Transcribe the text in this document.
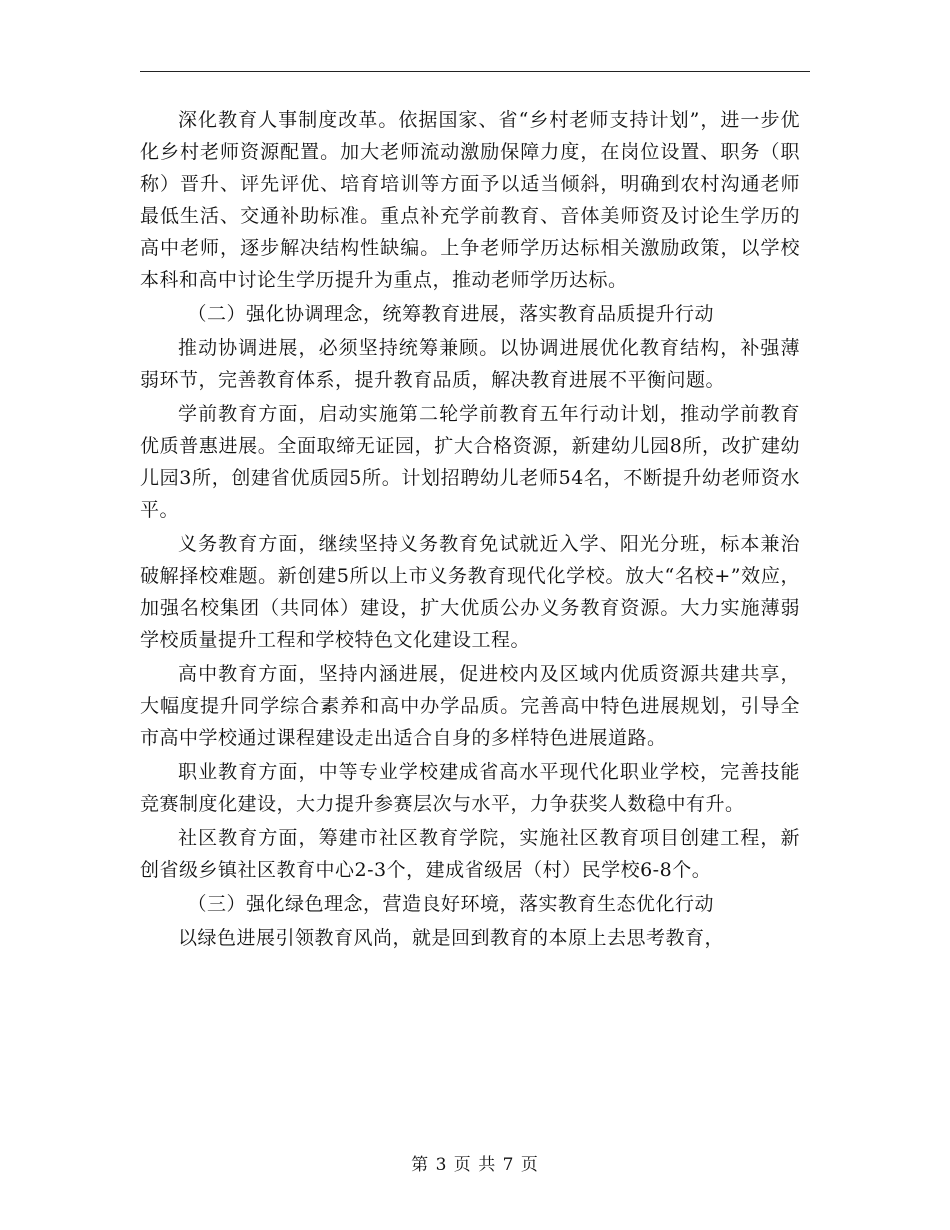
深化教育人事制度改革。依据国家、省“乡村老师支持计划”，进一步优化乡村老师资源配置。加大老师流动激励保障力度，在岗位设置、职务（职称）晋升、评先评优、培育培训等方面予以适当倾斜，明确到农村沟通老师最低生活、交通补助标准。重点补充学前教育、音体美师资及讨论生学历的高中老师，逐步解决结构性缺编。上争老师学历达标相关激励政策，以学校本科和高中讨论生学历提升为重点，推动老师学历达标。

（二）强化协调理念，统筹教育进展，落实教育品质提升行动

推动协调进展，必须坚持统筹兼顾。以协调进展优化教育结构，补强薄弱环节，完善教育体系，提升教育品质，解决教育进展不平衡问题。

学前教育方面，启动实施第二轮学前教育五年行动计划，推动学前教育优质普惠进展。全面取缔无证园，扩大合格资源，新建幼儿园8所，改扩建幼儿园3所，创建省优质园5所。计划招聘幼儿老师54名，不断提升幼老师资水平。

义务教育方面，继续坚持义务教育免试就近入学、阳光分班，标本兼治破解择校难题。新创建5所以上市义务教育现代化学校。放大“名校+”效应，加强名校集团（共同体）建设，扩大优质公办义务教育资源。大力实施薄弱学校质量提升工程和学校特色文化建设工程。

高中教育方面，坚持内涵进展，促进校内及区域内优质资源共建共享，大幅度提升同学综合素养和高中办学品质。完善高中特色进展规划，引导全市高中学校通过课程建设走出适合自身的多样特色进展道路。

职业教育方面，中等专业学校建成省高水平现代化职业学校，完善技能竞赛制度化建设，大力提升参赛层次与水平，力争获奖人数稳中有升。

社区教育方面，筹建市社区教育学院，实施社区教育项目创建工程，新创省级乡镇社区教育中心2-3个，建成省级居（村）民学校6-8个。

（三）强化绿色理念，营造良好环境，落实教育生态优化行动

以绿色进展引领教育风尚，就是回到教育的本原上去思考教育，

第 3 页 共 7 页
